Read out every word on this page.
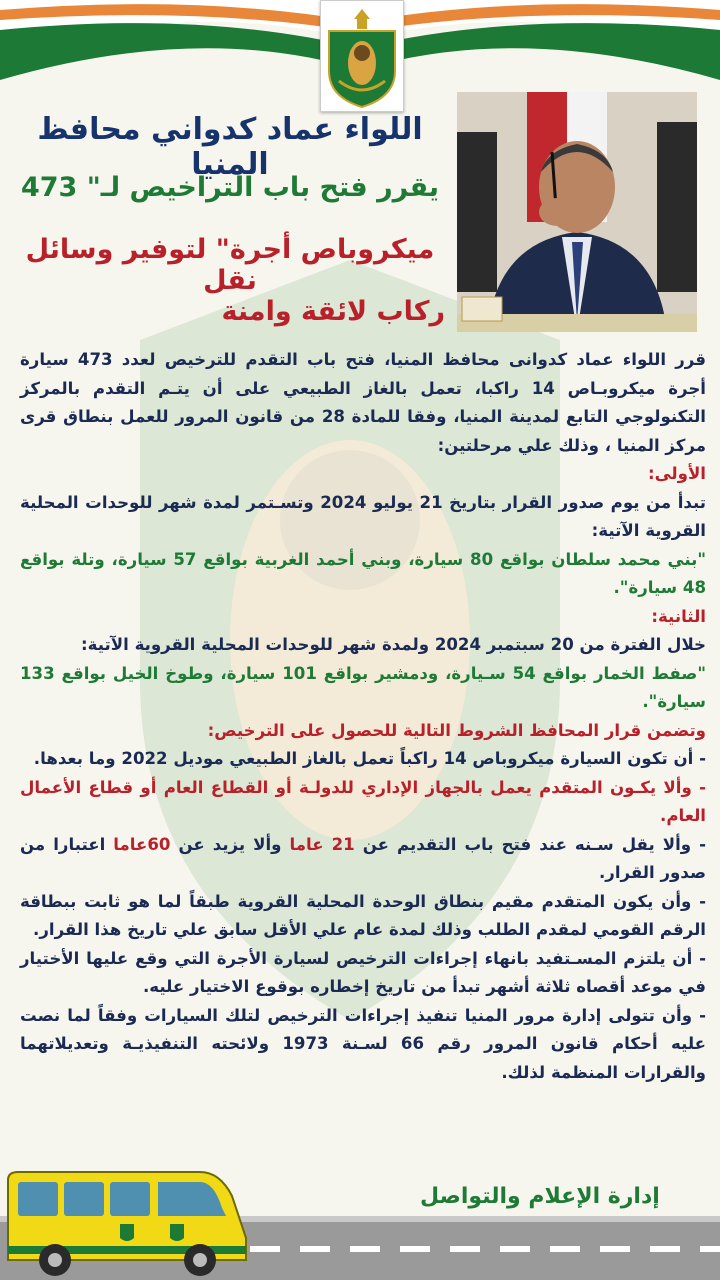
اللواء عماد كدواني محافظ المنيا
يقرر فتح باب التراخيص لـ" 473
ميكروباص أجرة" لتوفير وسائل نقل
ركاب لائقة وامنة

قرر اللواء عماد كدوانى محافظ المنيا، فتح باب التقدم للترخيص لعدد 473 سيارة أجرة ميكروبـاص 14 راكبا، تعمل بالغاز الطبيعي على أن يتـم التقدم بالمركز التكنولوجي التابع لمدينة المنيا، وفقا للمادة 28 من قانون المرور للعمل بنطاق قرى مركز المنيا ، وذلك علي مرحلتين:

الأولى:

تبدأ من يوم صدور القرار بتاريخ 21 يوليو 2024 وتسـتمر لمدة شهر للوحدات المحلية القروية الآتية:

"بني محمد سلطان بواقع 80 سيارة، وبني أحمد الغربية بواقع 57 سيارة، وتلة بواقع 48 سيارة".

الثانية:

خلال الفترة من 20 سبتمبر 2024 ولمدة شهر للوحدات المحلية القروية الآتية:

"صفط الخمار بواقع 54 سـيارة، ودمشير بواقع 101 سيارة، وطوخ الخيل بواقع 133 سيارة".

وتضمن قرار المحافظ الشروط التالية للحصول على الترخيص:

- أن تكون السيارة ميكروباص 14 راكباً تعمل بالغاز الطبيعي موديل 2022 وما بعدها.

- وألا يكـون المتقدم يعمل بالجهاز الإداري للدولـة أو القطاع العام أو قطاع الأعمال العام.

- وألا يقل سـنه عند فتح باب التقديم عن 21 عاما وألا يزيد عن 60عاما اعتبارا من صدور القرار.

- وأن يكون المتقدم مقيم بنطاق الوحدة المحلية القروية طبقاً لما هو ثابت ببطاقة الرقم القومي لمقدم الطلب وذلك لمدة عام علي الأقل سابق علي تاريخ هذا القرار.

- أن يلتزم المسـتفيد بانهاء إجراءات الترخيص لسيارة الأجرة التي وقع عليها الأختيار في موعد أقصاه ثلاثة أشهر تبدأ من تاريخ إخطاره بوقوع الاختيار عليه.

- وأن تتولى إدارة مرور المنيا تنفيذ إجراءات الترخيص لتلك السيارات وفقاً لما نصت عليه أحكام قانون المرور رقم 66 لسـنة 1973 ولائحته التنفيذيـة وتعديلاتهما والقرارات المنظمة لذلك.

إدارة الإعلام والتواصل
